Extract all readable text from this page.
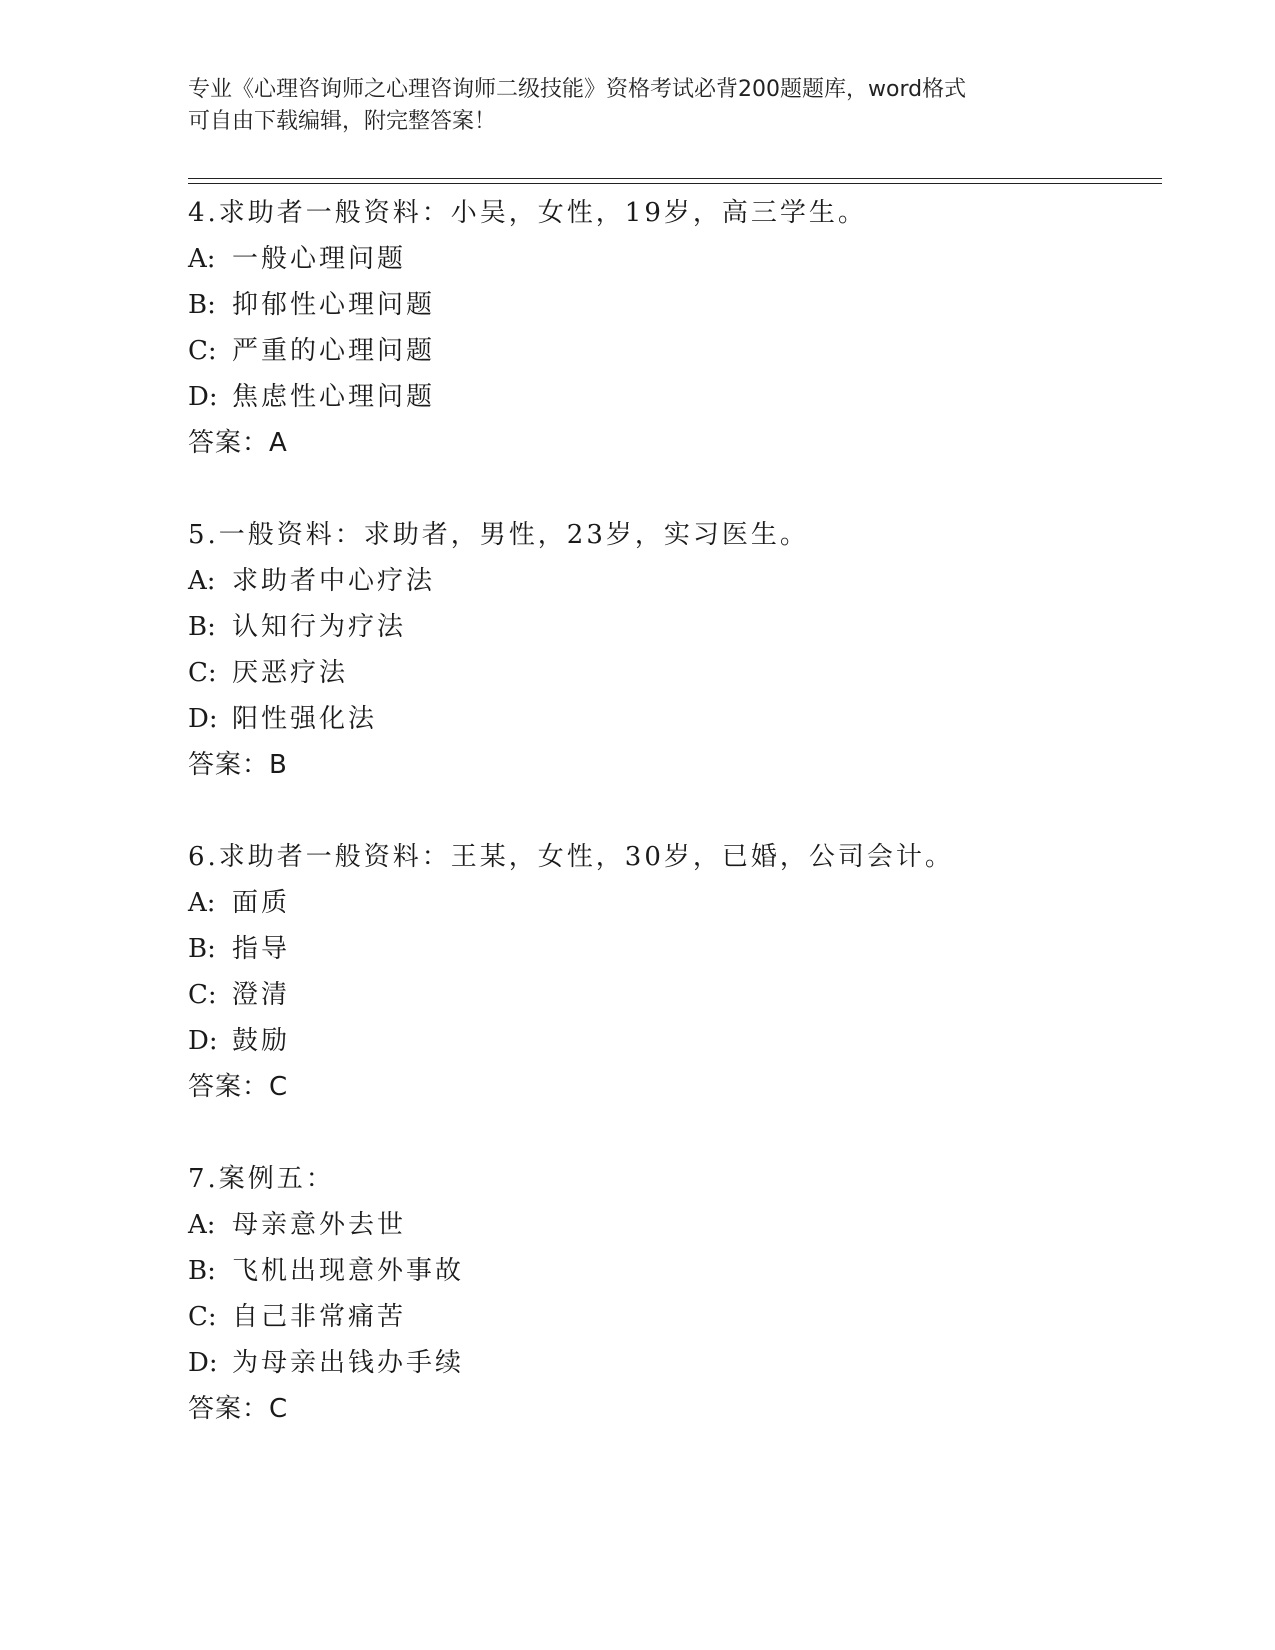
专业《心理咨询师之心理咨询师二级技能》资格考试必背200题题库，word格式
可自由下载编辑，附完整答案！
4.求助者一般资料：小吴，女性，19岁，高三学生。
A: 一般心理问题
B: 抑郁性心理问题
C: 严重的心理问题
D: 焦虑性心理问题
答案：A
5.一般资料：求助者，男性，23岁，实习医生。
A: 求助者中心疗法
B: 认知行为疗法
C: 厌恶疗法
D: 阳性强化法
答案：B
6.求助者一般资料：王某，女性，30岁，已婚，公司会计。
A: 面质
B: 指导
C: 澄清
D: 鼓励
答案：C
7.案例五：
A: 母亲意外去世
B: 飞机出现意外事故
C: 自己非常痛苦
D: 为母亲出钱办手续
答案：C
